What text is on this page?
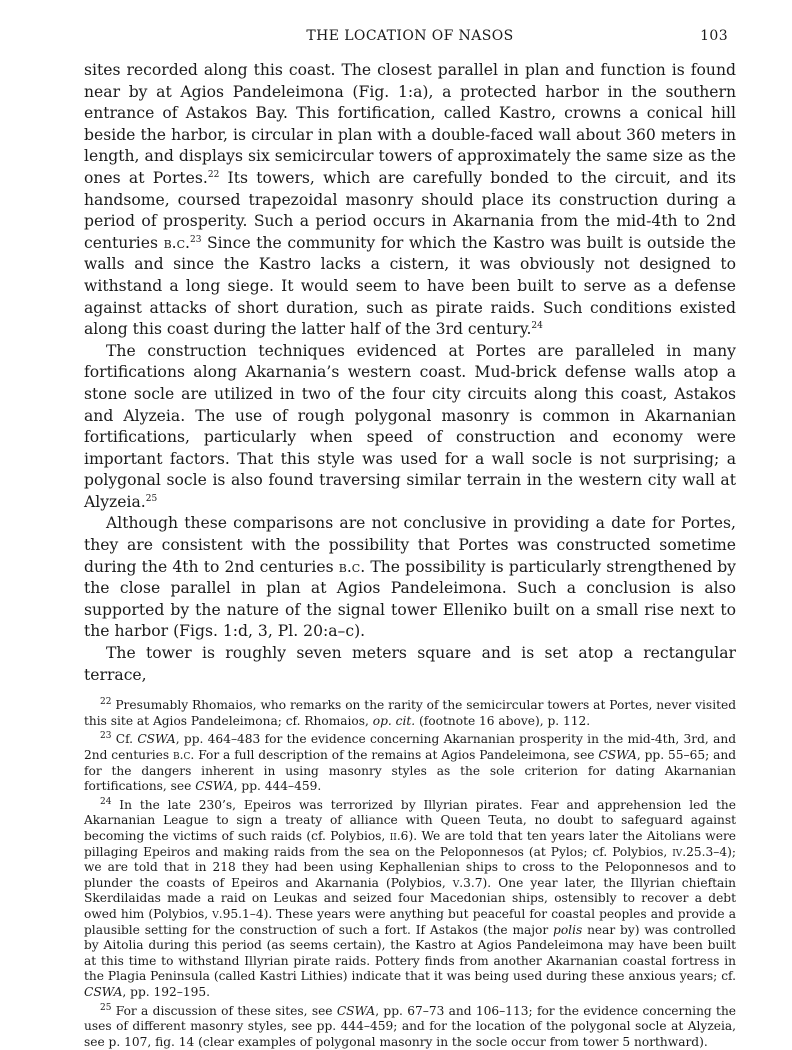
THE LOCATION OF NASOS	103

sites recorded along this coast. The closest parallel in plan and function is found near by at Agios Pandeleimona (Fig. 1:a), a protected harbor in the southern entrance of Astakos Bay. This fortification, called Kastro, crowns a conical hill beside the harbor, is circular in plan with a double-faced wall about 360 meters in length, and displays six semicircular towers of approximately the same size as the ones at Portes.$^{22}$ Its towers, which are carefully bonded to the circuit, and its handsome, coursed trapezoidal masonry should place its construction during a period of prosperity. Such a period occurs in Akarnania from the mid-4th to 2nd centuries b.c.$^{23}$ Since the community for which the Kastro was built is outside the walls and since the Kastro lacks a cistern, it was obviously not designed to withstand a long siege. It would seem to have been built to serve as a defense against attacks of short duration, such as pirate raids. Such conditions existed along this coast during the latter half of the 3rd century.$^{24}$

The construction techniques evidenced at Portes are paralleled in many fortifications along Akarnania’s western coast. Mud-brick defense walls atop a stone socle are utilized in two of the four city circuits along this coast, Astakos and Alyzeia. The use of rough polygonal masonry is common in Akarnanian fortifications, particularly when speed of construction and economy were important factors. That this style was used for a wall socle is not surprising; a polygonal socle is also found traversing similar terrain in the western city wall at Alyzeia.$^{25}$

Although these comparisons are not conclusive in providing a date for Portes, they are consistent with the possibility that Portes was constructed sometime during the 4th to 2nd centuries b.c. The possibility is particularly strengthened by the close parallel in plan at Agios Pandeleimona. Such a conclusion is also supported by the nature of the signal tower Elleniko built on a small rise next to the harbor (Figs. 1:d, 3, Pl. 20:a–c).

The tower is roughly seven meters square and is set atop a rectangular terrace,

$^{22}$ Presumably Rhomaios, who remarks on the rarity of the semicircular towers at Portes, never visited this site at Agios Pandeleimona; cf. Rhomaios, op. cit. (footnote 16 above), p. 112.

$^{23}$ Cf. CSWA, pp. 464–483 for the evidence concerning Akarnanian prosperity in the mid-4th, 3rd, and 2nd centuries b.c. For a full description of the remains at Agios Pandeleimona, see CSWA, pp. 55–65; and for the dangers inherent in using masonry styles as the sole criterion for dating Akarnanian fortifications, see CSWA, pp. 444–459.

$^{24}$ In the late 230’s, Epeiros was terrorized by Illyrian pirates. Fear and apprehension led the Akarnanian League to sign a treaty of alliance with Queen Teuta, no doubt to safeguard against becoming the victims of such raids (cf. Polybios, ii.6). We are told that ten years later the Aitolians were pillaging Epeiros and making raids from the sea on the Peloponnesos (at Pylos; cf. Polybios, iv.25.3–4); we are told that in 218 they had been using Kephallenian ships to cross to the Peloponnesos and to plunder the coasts of Epeiros and Akarnania (Polybios, v.3.7). One year later, the Illyrian chieftain Skerdilaidas made a raid on Leukas and seized four Macedonian ships, ostensibly to recover a debt owed him (Polybios, v.95.1–4). These years were anything but peaceful for coastal peoples and provide a plausible setting for the construction of such a fort. If Astakos (the major polis near by) was controlled by Aitolia during this period (as seems certain), the Kastro at Agios Pandeleimona may have been built at this time to withstand Illyrian pirate raids. Pottery finds from another Akarnanian coastal fortress in the Plagia Peninsula (called Kastri Lithies) indicate that it was being used during these anxious years; cf. CSWA, pp. 192–195.

$^{25}$ For a discussion of these sites, see CSWA, pp. 67–73 and 106–113; for the evidence concerning the uses of different masonry styles, see pp. 444–459; and for the location of the polygonal socle at Alyzeia, see p. 107, fig. 14 (clear examples of polygonal masonry in the socle occur from tower 5 northward).
